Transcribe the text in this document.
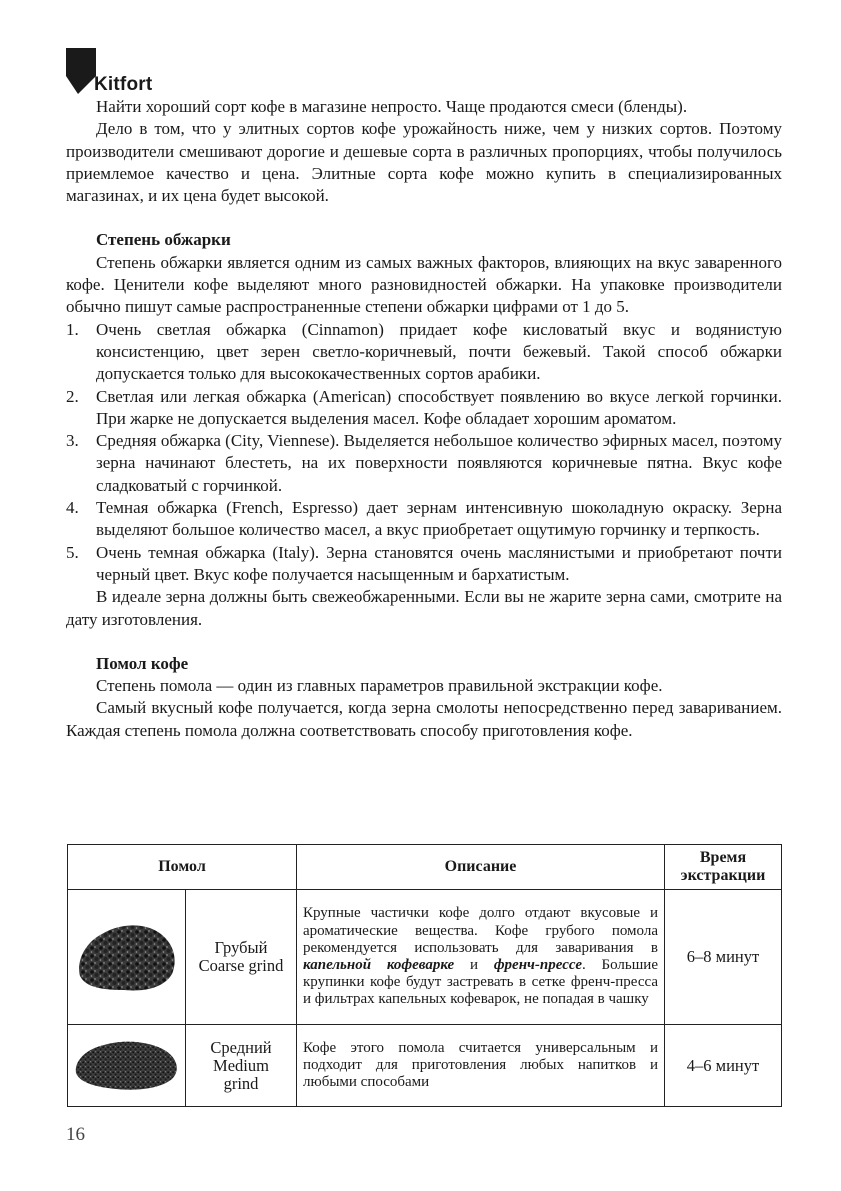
Kitfort

Найти хороший сорт кофе в магазине непросто. Чаще продаются смеси (бленды).

Дело в том, что у элитных сортов кофе урожайность ниже, чем у низких сортов. Поэтому производители смешивают дорогие и дешевые сорта в различных пропорциях, чтобы получилось приемлемое качество и цена. Элитные сорта кофе можно купить в специализированных магазинах, и их цена будет высокой.

Степень обжарки

Степень обжарки является одним из самых важных факторов, влияющих на вкус заваренного кофе. Ценители кофе выделяют много разновидностей обжарки. На упаковке производители обычно пишут самые распространенные степени обжарки цифрами от 1 до 5.

1. Очень светлая обжарка (Cinnamon) придает кофе кисловатый вкус и водянистую консистенцию, цвет зерен светло-коричневый, почти бежевый. Такой способ обжарки допускается только для высококачественных сортов арабики.
2. Светлая или легкая обжарка (American) способствует появлению во вкусе легкой горчинки. При жарке не допускается выделения масел. Кофе обладает хорошим ароматом.
3. Средняя обжарка (City, Viennese). Выделяется небольшое количество эфирных масел, поэтому зерна начинают блестеть, на их поверхности появляются коричневые пятна. Вкус кофе сладковатый с горчинкой.
4. Темная обжарка (French, Espresso) дает зернам интенсивную шоколадную окраску. Зерна выделяют большое количество масел, а вкус приобретает ощутимую горчинку и терпкость.
5. Очень темная обжарка (Italy). Зерна становятся очень маслянистыми и приобретают почти черный цвет. Вкус кофе получается насыщенным и бархатистым.

В идеале зерна должны быть свежеобжаренными. Если вы не жарите зерна сами, смотрите на дату изготовления.

Помол кофе

Степень помола — один из главных параметров правильной экстракции кофе.

Самый вкусный кофе получается, когда зерна смолоты непосредственно перед завариванием. Каждая степень помола должна соответствовать способу приготовления кофе.

Помол		Описание	Время
экстракции
	Грубый
Coarse grind	Крупные частички кофе долго отдают вкусовые и ароматические вещества. Кофе грубого помола рекомендуется использовать для заваривания в капельной кофеварке и френч-прессе. Большие крупинки кофе будут застревать в сетке френч-пресса и фильтрах капельных кофеварок, не попадая в чашку	6–8 минут
	Средний
Medium
grind	Кофе этого помола считается универсальным и подходит для приготовления любых напитков и любыми способами	4–6 минут
16
